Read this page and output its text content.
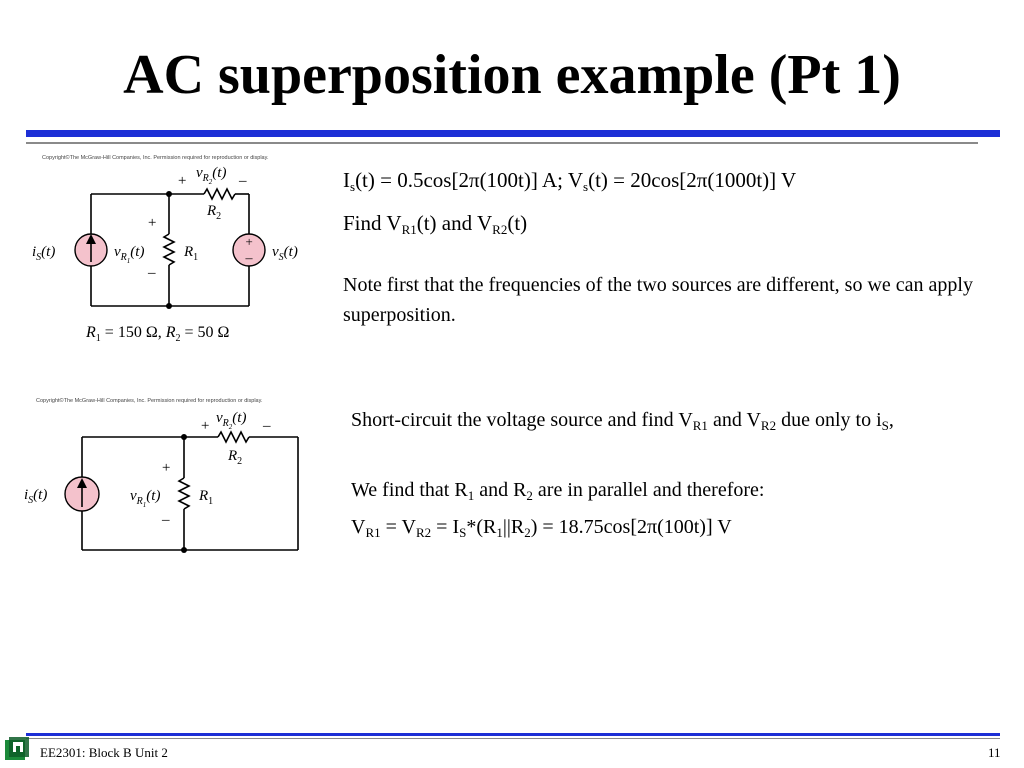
AC superposition example (Pt 1)
Copyright©The McGraw-Hill Companies, Inc. Permission required for reproduction or display.
+
–
+	–
$v_{R2}(t)$
$R_2$
+
–
$v_{R1}(t)$	$R_1$
$i_S(t)$	$v_S(t)$
$R_1 = 150$ Ω, $R_2 = 50$ Ω
$I_s(t) = 0.5\cos[2\pi(100t)]$ A; $V_s(t) = 20\cos[2\pi(1000t)]$ V
Find $V_{R1}(t)$ and $V_{R2}(t)$
Note first that the frequencies of the two sources are different, so we can apply superposition.
Copyright©The McGraw-Hill Companies, Inc. Permission required for reproduction or display.
+	–
$v_{R2}(t)$
$R_2$
+
–
$v_{R1}(t)$	$R_1$
$i_S(t)$
Short-circuit the voltage source and find $V_{R1}$ and $V_{R2}$ due only to $i_S$,
We find that $R_1$ and $R_2$ are in parallel and therefore:
$V_{R1} = V_{R2} = I_S*(R_1||R_2) = 18.75\cos[2\pi(100t)]$ V
EE2301: Block B Unit 2	11
